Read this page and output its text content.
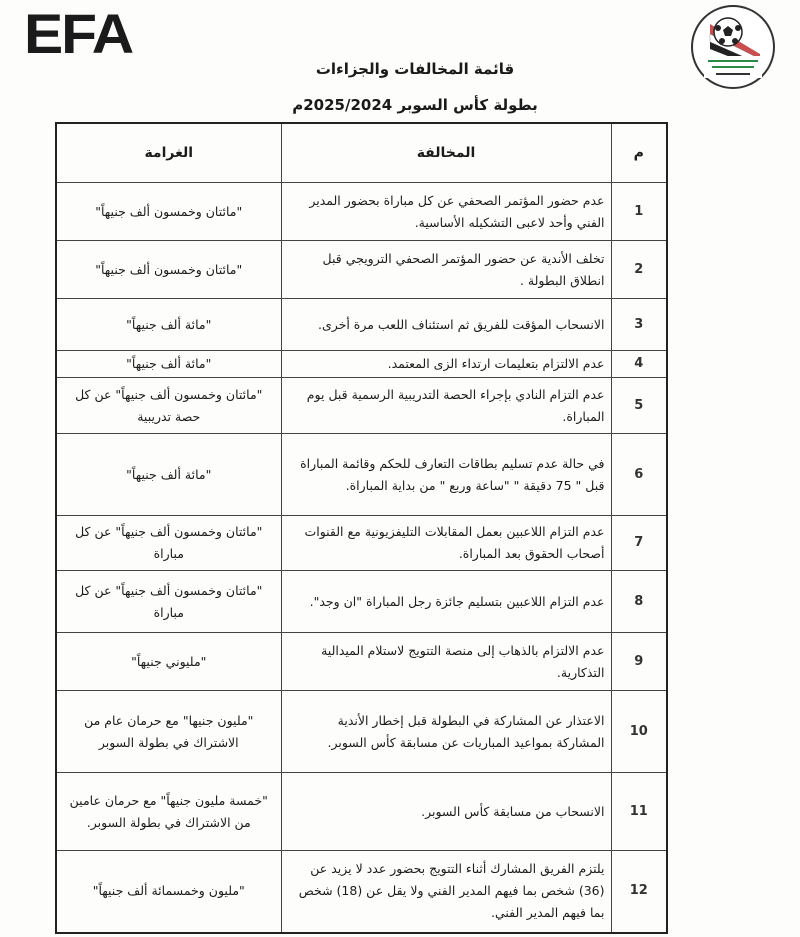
EFA
قائمة المخالفات والجزاءات
بطولة كأس السوبر 2025/2024م
م	المخالفة	الغرامة
1	عدم حضور المؤتمر الصحفي عن كل مباراة بحضور المدير الفني وأحد لاعبى التشكيله الأساسية.	"مائتان وخمسون ألف جنيهاً"
2	تخلف الأندية عن حضور المؤتمر الصحفي الترويجي قبل انطلاق البطولة .	"مائتان وخمسون ألف جنيهاً"
3	الانسحاب المؤقت للفريق ثم استئناف اللعب مرة أخرى.	"مائة ألف جنيهاً"
4	عدم الالتزام بتعليمات ارتداء الزى المعتمد.	"مائة ألف جنيهاً"
5	عدم التزام النادي بإجراء الحصة التدريبية الرسمية قبل يوم المباراة.	"مائتان وخمسون ألف جنيهاً" عن كل حصة تدريبية
6	في حالة عدم تسليم بطاقات التعارف للحكم وقائمة المباراة قبل " 75 دقيقة " "ساعة وربع " من بداية المباراة.	"مائة ألف جنيهاً"
7	عدم التزام اللاعبين بعمل المقابلات التليفزيونية مع القنوات أصحاب الحقوق بعد المباراة.	"مائتان وخمسون ألف جنيهاً" عن كل مباراة
8	عدم التزام اللاعبين بتسليم جائزة رجل المباراة "ان وجد".	"مائتان وخمسون ألف جنيهاً" عن كل مباراة
9	عدم الالتزام بالذهاب إلى منصة التتويج لاستلام الميدالية التذكارية.	"مليوني جنيهاً"
10	الاعتذار عن المشاركة في البطولة قبل إخطار الأندية المشاركة بمواعيد المباريات عن مسابقة كأس السوبر.	"مليون جنيها" مع حرمان عام من الاشتراك في بطولة السوبر
11	الانسحاب من مسابقة كأس السوبر.	"خمسة مليون جنيهاً" مع حرمان عامين من الاشتراك في بطولة السوبر.
12	يلتزم الفريق المشارك أثناء التتويج بحضور عدد لا يزيد عن (36) شخص بما فيهم المدير الفني ولا يقل عن (18) شخص بما فيهم المدير الفني.	"مليون وخمسمائة ألف جنيهاً"
